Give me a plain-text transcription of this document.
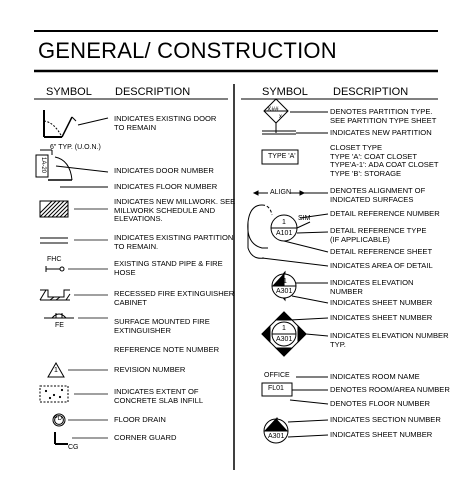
GENERAL/ CONSTRUCTION
SYMBOL DESCRIPTION	SYMBOL DESCRIPTION
6" TYP. (U.O.N.)
1A-20
FHC
FE
1
FD
CG
INDICATES EXISTING DOOR
TO REMAIN
INDICATES DOOR NUMBER
INDICATES FLOOR NUMBER
INDICATES NEW MILLWORK. SEE
MILLWORK SCHEDULE AND
ELEVATIONS.
INDICATES EXISTING PARTITION
TO REMAIN.
EXISTING STAND PIPE & FIRE
HOSE
RECESSED FIRE EXTINGUISHER
CABINET
SURFACE MOUNTED FIRE
EXTINGUISHER
REFERENCE NOTE NUMBER
REVISION NUMBER
INDICATES EXTENT OF
CONCRETE SLAB INFILL
FLOOR DRAIN
CORNER GUARD
X##
x
TYPE 'A'
ALIGN
1
SIM
A101
1
A301
1
A301
OFFICE
FL01
1
A301
DENOTES PARTITION TYPE.
SEE PARTITION TYPE SHEET
INDICATES NEW PARTITION
CLOSET TYPE
TYPE 'A': COAT CLOSET
TYPE'A-1': ADA COAT CLOSET
TYPE 'B': STORAGE
DENOTES ALIGNMENT OF
INDICATED SURFACES
DETAIL REFERENCE NUMBER
DETAIL REFERENCE TYPE
(IF APPLICABLE)
DETAIL REFERENCE SHEET
INDICATES AREA OF DETAIL
INDICATES ELEVATION
NUMBER
INDICATES SHEET NUMBER
INDICATES SHEET NUMBER
INDICATES ELEVATION NUMBER
TYP.
INDICATES ROOM NAME
DENOTES ROOM/AREA NUMBER
DENOTES FLOOR NUMBER
INDICATES SECTION NUMBER
INDICATES SHEET NUMBER
